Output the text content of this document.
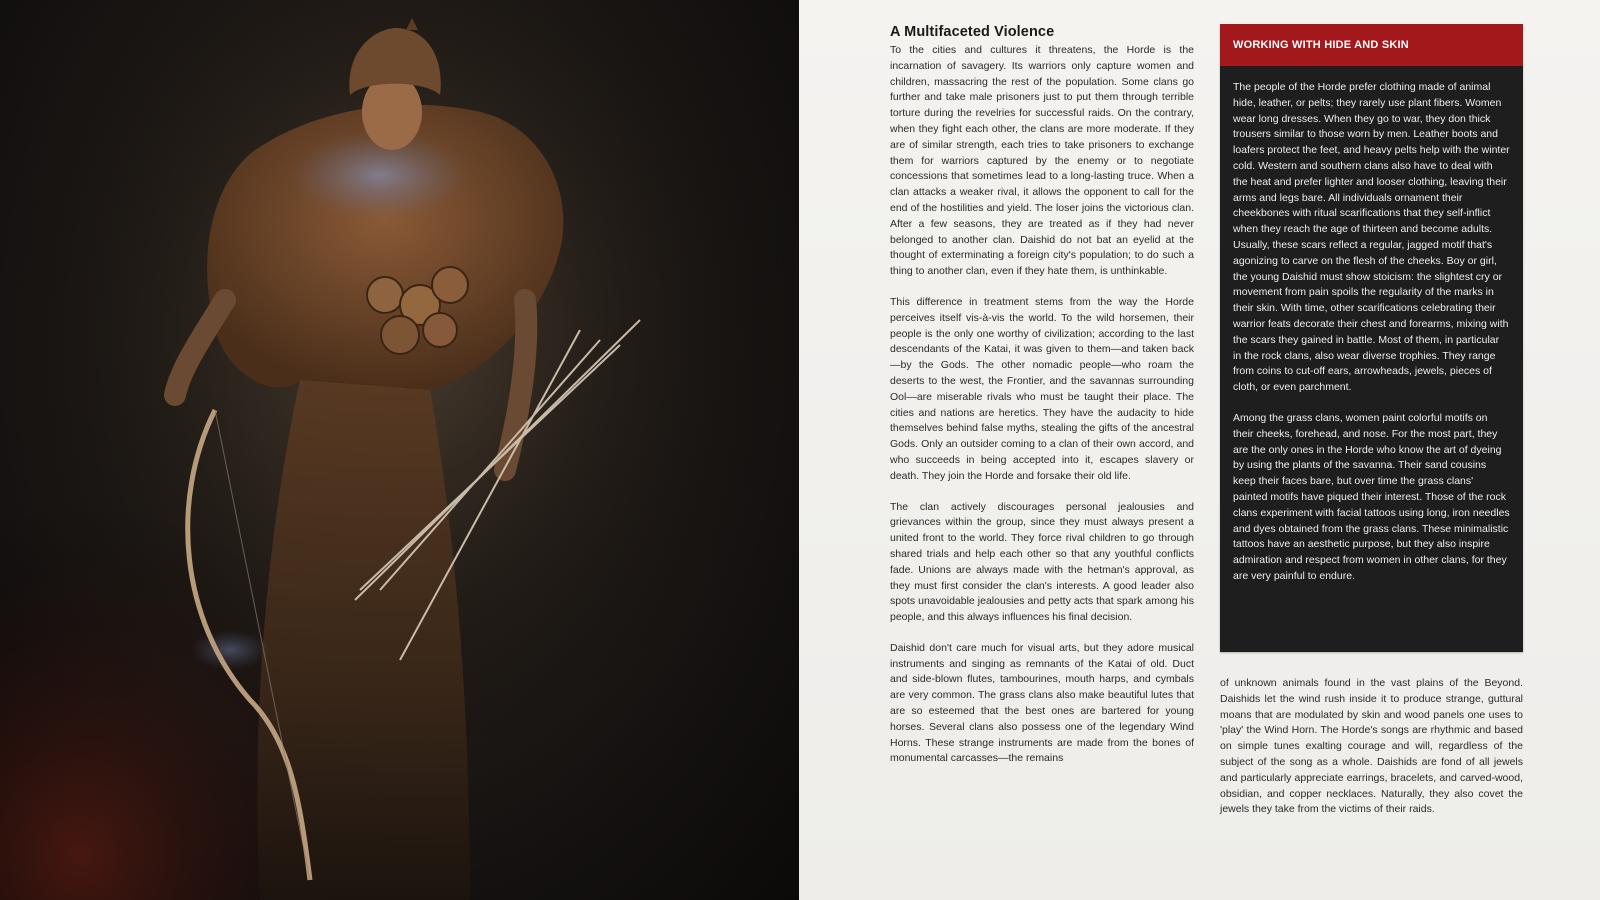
A Multifaceted Violence

To the cities and cultures it threatens, the Horde is the incarnation of savagery. Its warriors only capture women and children, massacring the rest of the population. Some clans go further and take male prisoners just to put them through terrible torture during the revelries for successful raids. On the contrary, when they fight each other, the clans are more moderate. If they are of similar strength, each tries to take prisoners to exchange them for warriors captured by the enemy or to negotiate concessions that sometimes lead to a long-lasting truce. When a clan attacks a weaker rival, it allows the opponent to call for the end of the hostilities and yield. The loser joins the victorious clan. After a few seasons, they are treated as if they had never belonged to another clan. Daishid do not bat an eyelid at the thought of exterminating a foreign city's population; to do such a thing to another clan, even if they hate them, is unthinkable.

This difference in treatment stems from the way the Horde perceives itself vis-à-vis the world. To the wild horsemen, their people is the only one worthy of civilization; according to the last descendants of the Katai, it was given to them—and taken back—by the Gods. The other nomadic people—who roam the deserts to the west, the Frontier, and the savannas surrounding Ool—are miserable rivals who must be taught their place. The cities and nations are heretics. They have the audacity to hide themselves behind false myths, stealing the gifts of the ancestral Gods. Only an outsider coming to a clan of their own accord, and who succeeds in being accepted into it, escapes slavery or death. They join the Horde and forsake their old life.

The clan actively discourages personal jealousies and grievances within the group, since they must always present a united front to the world. They force rival children to go through shared trials and help each other so that any youthful conflicts fade. Unions are always made with the hetman's approval, as they must first consider the clan's interests. A good leader also spots unavoidable jealousies and petty acts that spark among his people, and this always influences his final decision.

Daishid don't care much for visual arts, but they adore musical instruments and singing as remnants of the Katai of old. Duct and side-blown flutes, tambourines, mouth harps, and cymbals are very common. The grass clans also make beautiful lutes that are so esteemed that the best ones are bartered for young horses. Several clans also possess one of the legendary Wind Horns. These strange instruments are made from the bones of monumental carcasses—the remains

WORKING WITH HIDE AND SKIN

The people of the Horde prefer clothing made of animal hide, leather, or pelts; they rarely use plant fibers. Women wear long dresses. When they go to war, they don thick trousers similar to those worn by men. Leather boots and loafers protect the feet, and heavy pelts help with the winter cold. Western and southern clans also have to deal with the heat and prefer lighter and looser clothing, leaving their arms and legs bare. All individuals ornament their cheekbones with ritual scarifications that they self-inflict when they reach the age of thirteen and become adults. Usually, these scars reflect a regular, jagged motif that's agonizing to carve on the flesh of the cheeks. Boy or girl, the young Daishid must show stoicism: the slightest cry or movement from pain spoils the regularity of the marks in their skin. With time, other scarifications celebrating their warrior feats decorate their chest and forearms, mixing with the scars they gained in battle. Most of them, in particular in the rock clans, also wear diverse trophies. They range from coins to cut-off ears, arrowheads, jewels, pieces of cloth, or even parchment.

Among the grass clans, women paint colorful motifs on their cheeks, forehead, and nose. For the most part, they are the only ones in the Horde who know the art of dyeing by using the plants of the savanna. Their sand cousins keep their faces bare, but over time the grass clans' painted motifs have piqued their interest. Those of the rock clans experiment with facial tattoos using long, iron needles and dyes obtained from the grass clans. These minimalistic tattoos have an aesthetic purpose, but they also inspire admiration and respect from women in other clans, for they are very painful to endure.

of unknown animals found in the vast plains of the Beyond. Daishids let the wind rush inside it to produce strange, guttural moans that are modulated by skin and wood panels one uses to 'play' the Wind Horn. The Horde's songs are rhythmic and based on simple tunes exalting courage and will, regardless of the subject of the song as a whole. Daishids are fond of all jewels and particularly appreciate earrings, bracelets, and carved-wood, obsidian, and copper necklaces. Naturally, they also covet the jewels they take from the victims of their raids.
